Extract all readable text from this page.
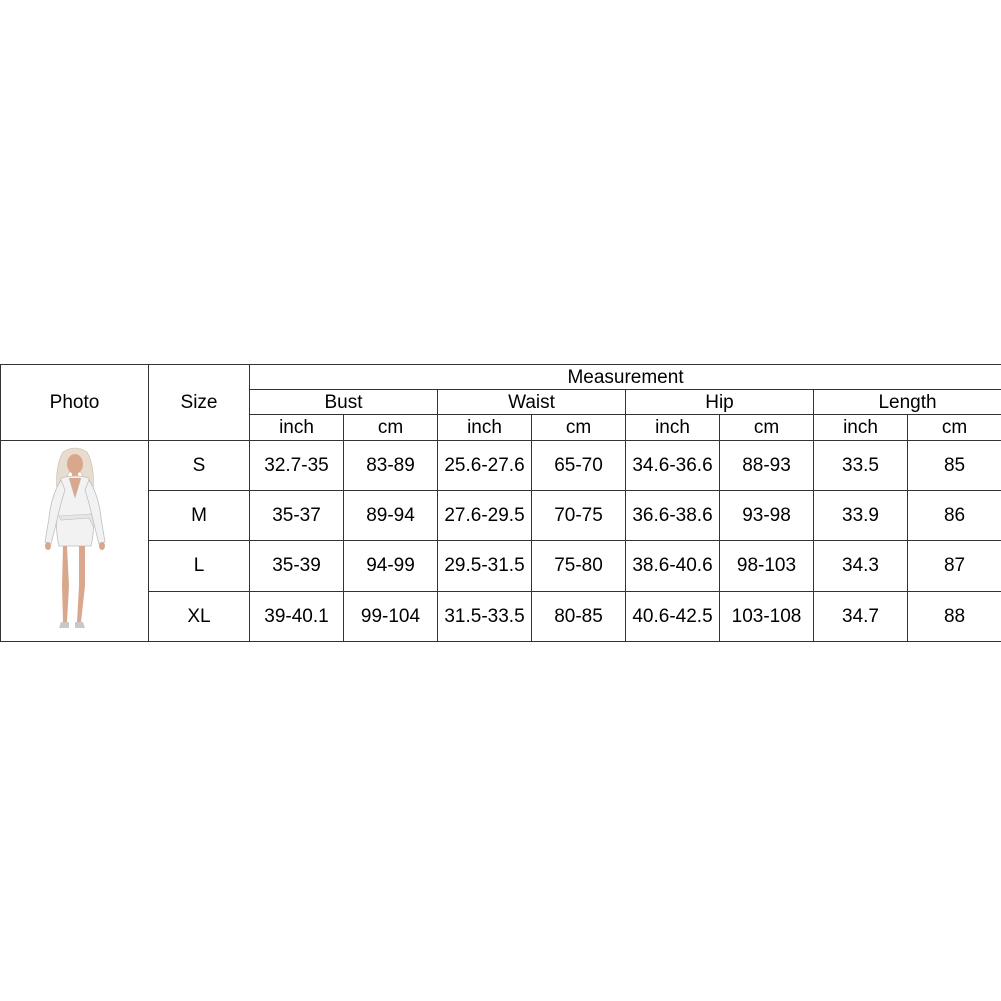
Photo	Size	Measurement							
		Bust		Waist		Hip		Length	
		inch	cm	inch	cm	inch	cm	inch	cm

	S	32.7-35	83-89	25.6-27.6	65-70	34.6-36.6	88-93	33.5	85
	M	35-37	89-94	27.6-29.5	70-75	36.6-38.6	93-98	33.9	86
	L	35-39	94-99	29.5-31.5	75-80	38.6-40.6	98-103	34.3	87
	XL	39-40.1	99-104	31.5-33.5	80-85	40.6-42.5	103-108	34.7	88
